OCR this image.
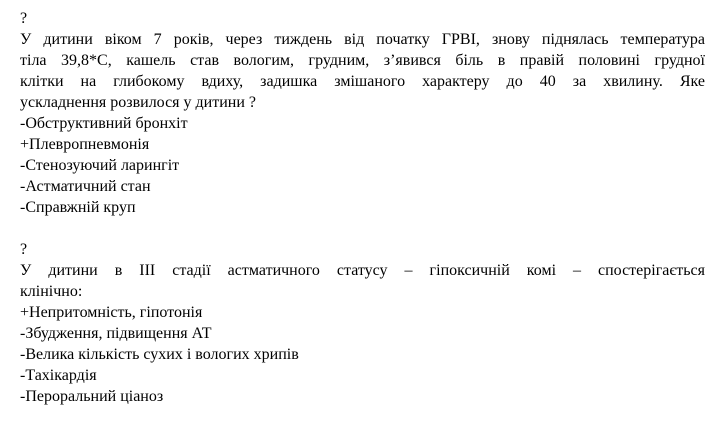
?
У дитини віком 7 років, через тиждень від початку ГРВІ, знову піднялась температура
тіла 39,8*С, кашель став вологим, грудним, з’явився біль в правій половині грудної
клітки на глибокому вдиху, задишка змішаного характеру до 40 за хвилину. Яке
ускладнення розвилося у дитини ?
-Обструктивний бронхіт
+Плевропневмонія
-Стенозуючий ларингіт
-Астматичний стан
-Справжній круп
?
У дитини в ІІІ стадії астматичного статусу – гіпоксичній комі – спостерігається
клінічно:
+Непритомність, гіпотонія
-Збудження, підвищення АТ
-Велика кількість сухих і вологих хрипів
-Тахікардія
-Пероральний ціаноз
